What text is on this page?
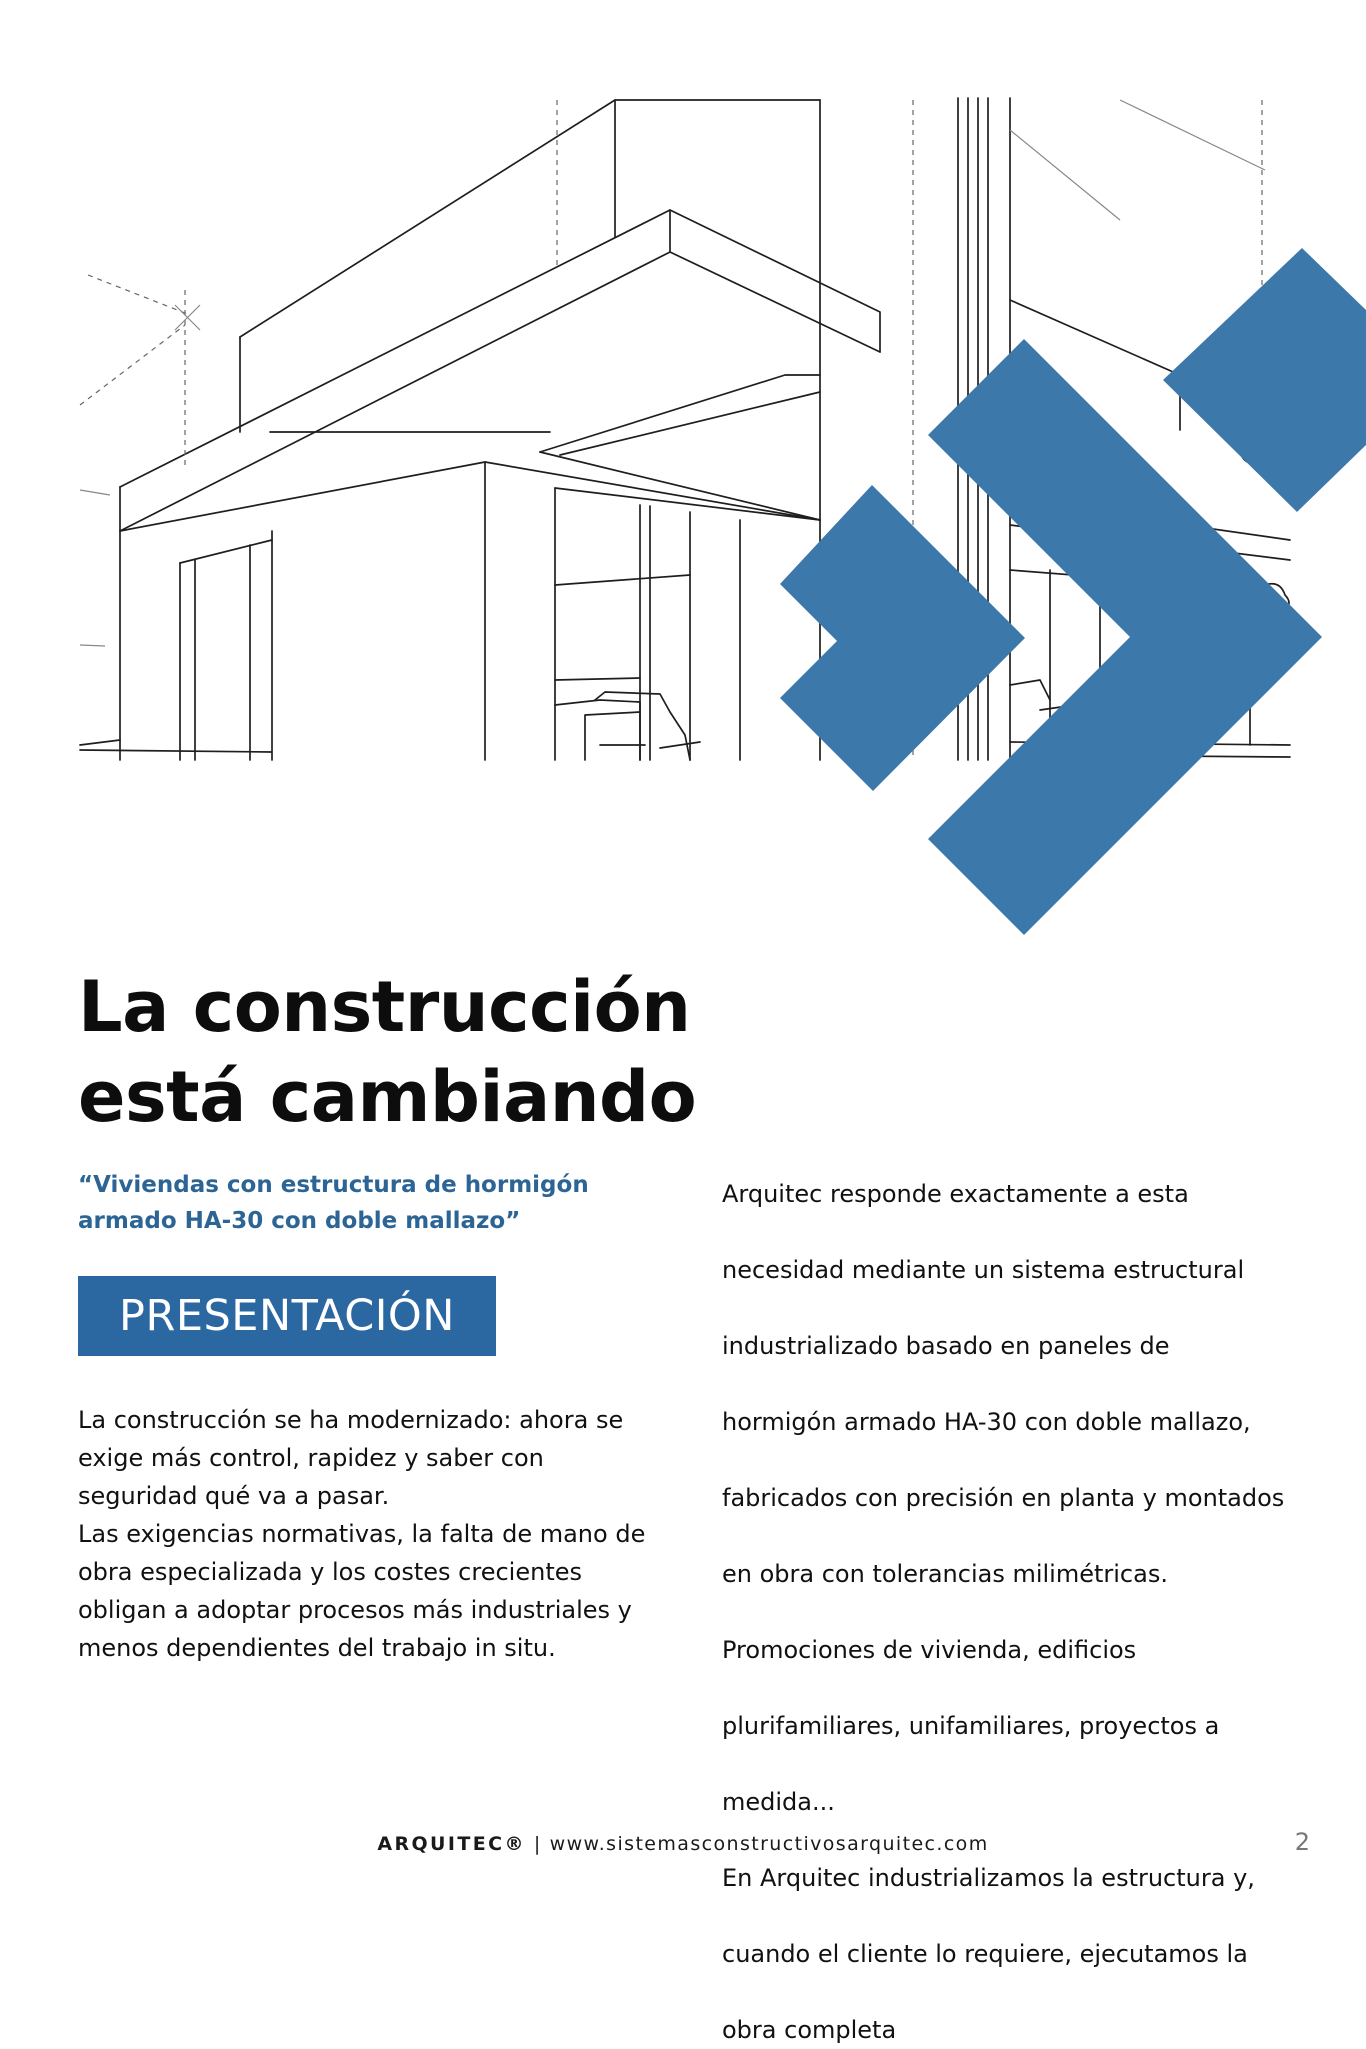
La construcción está cambiando

“Viviendas con estructura de hormigón armado HA-30 con doble mallazo”

PRESENTACIÓN

La construcción se ha modernizado: ahora se

exige más control, rapidez y saber con

seguridad qué va a pasar.

Las exigencias normativas, la falta de mano de

obra especializada y los costes crecientes

obligan a adoptar procesos más industriales y

menos dependientes del trabajo in situ.

Arquitec responde exactamente a esta

necesidad mediante un sistema estructural

industrializado basado en paneles de

hormigón armado HA-30 con doble mallazo,

fabricados con precisión en planta y montados

en obra con tolerancias milimétricas.

Promociones de vivienda, edificios

plurifamiliares, unifamiliares, proyectos a

medida...

En Arquitec industrializamos la estructura y,

cuando el cliente lo requiere, ejecutamos la

obra completa

ARQUITEC® | www.sistemasconstructivosarquitec.com	2
